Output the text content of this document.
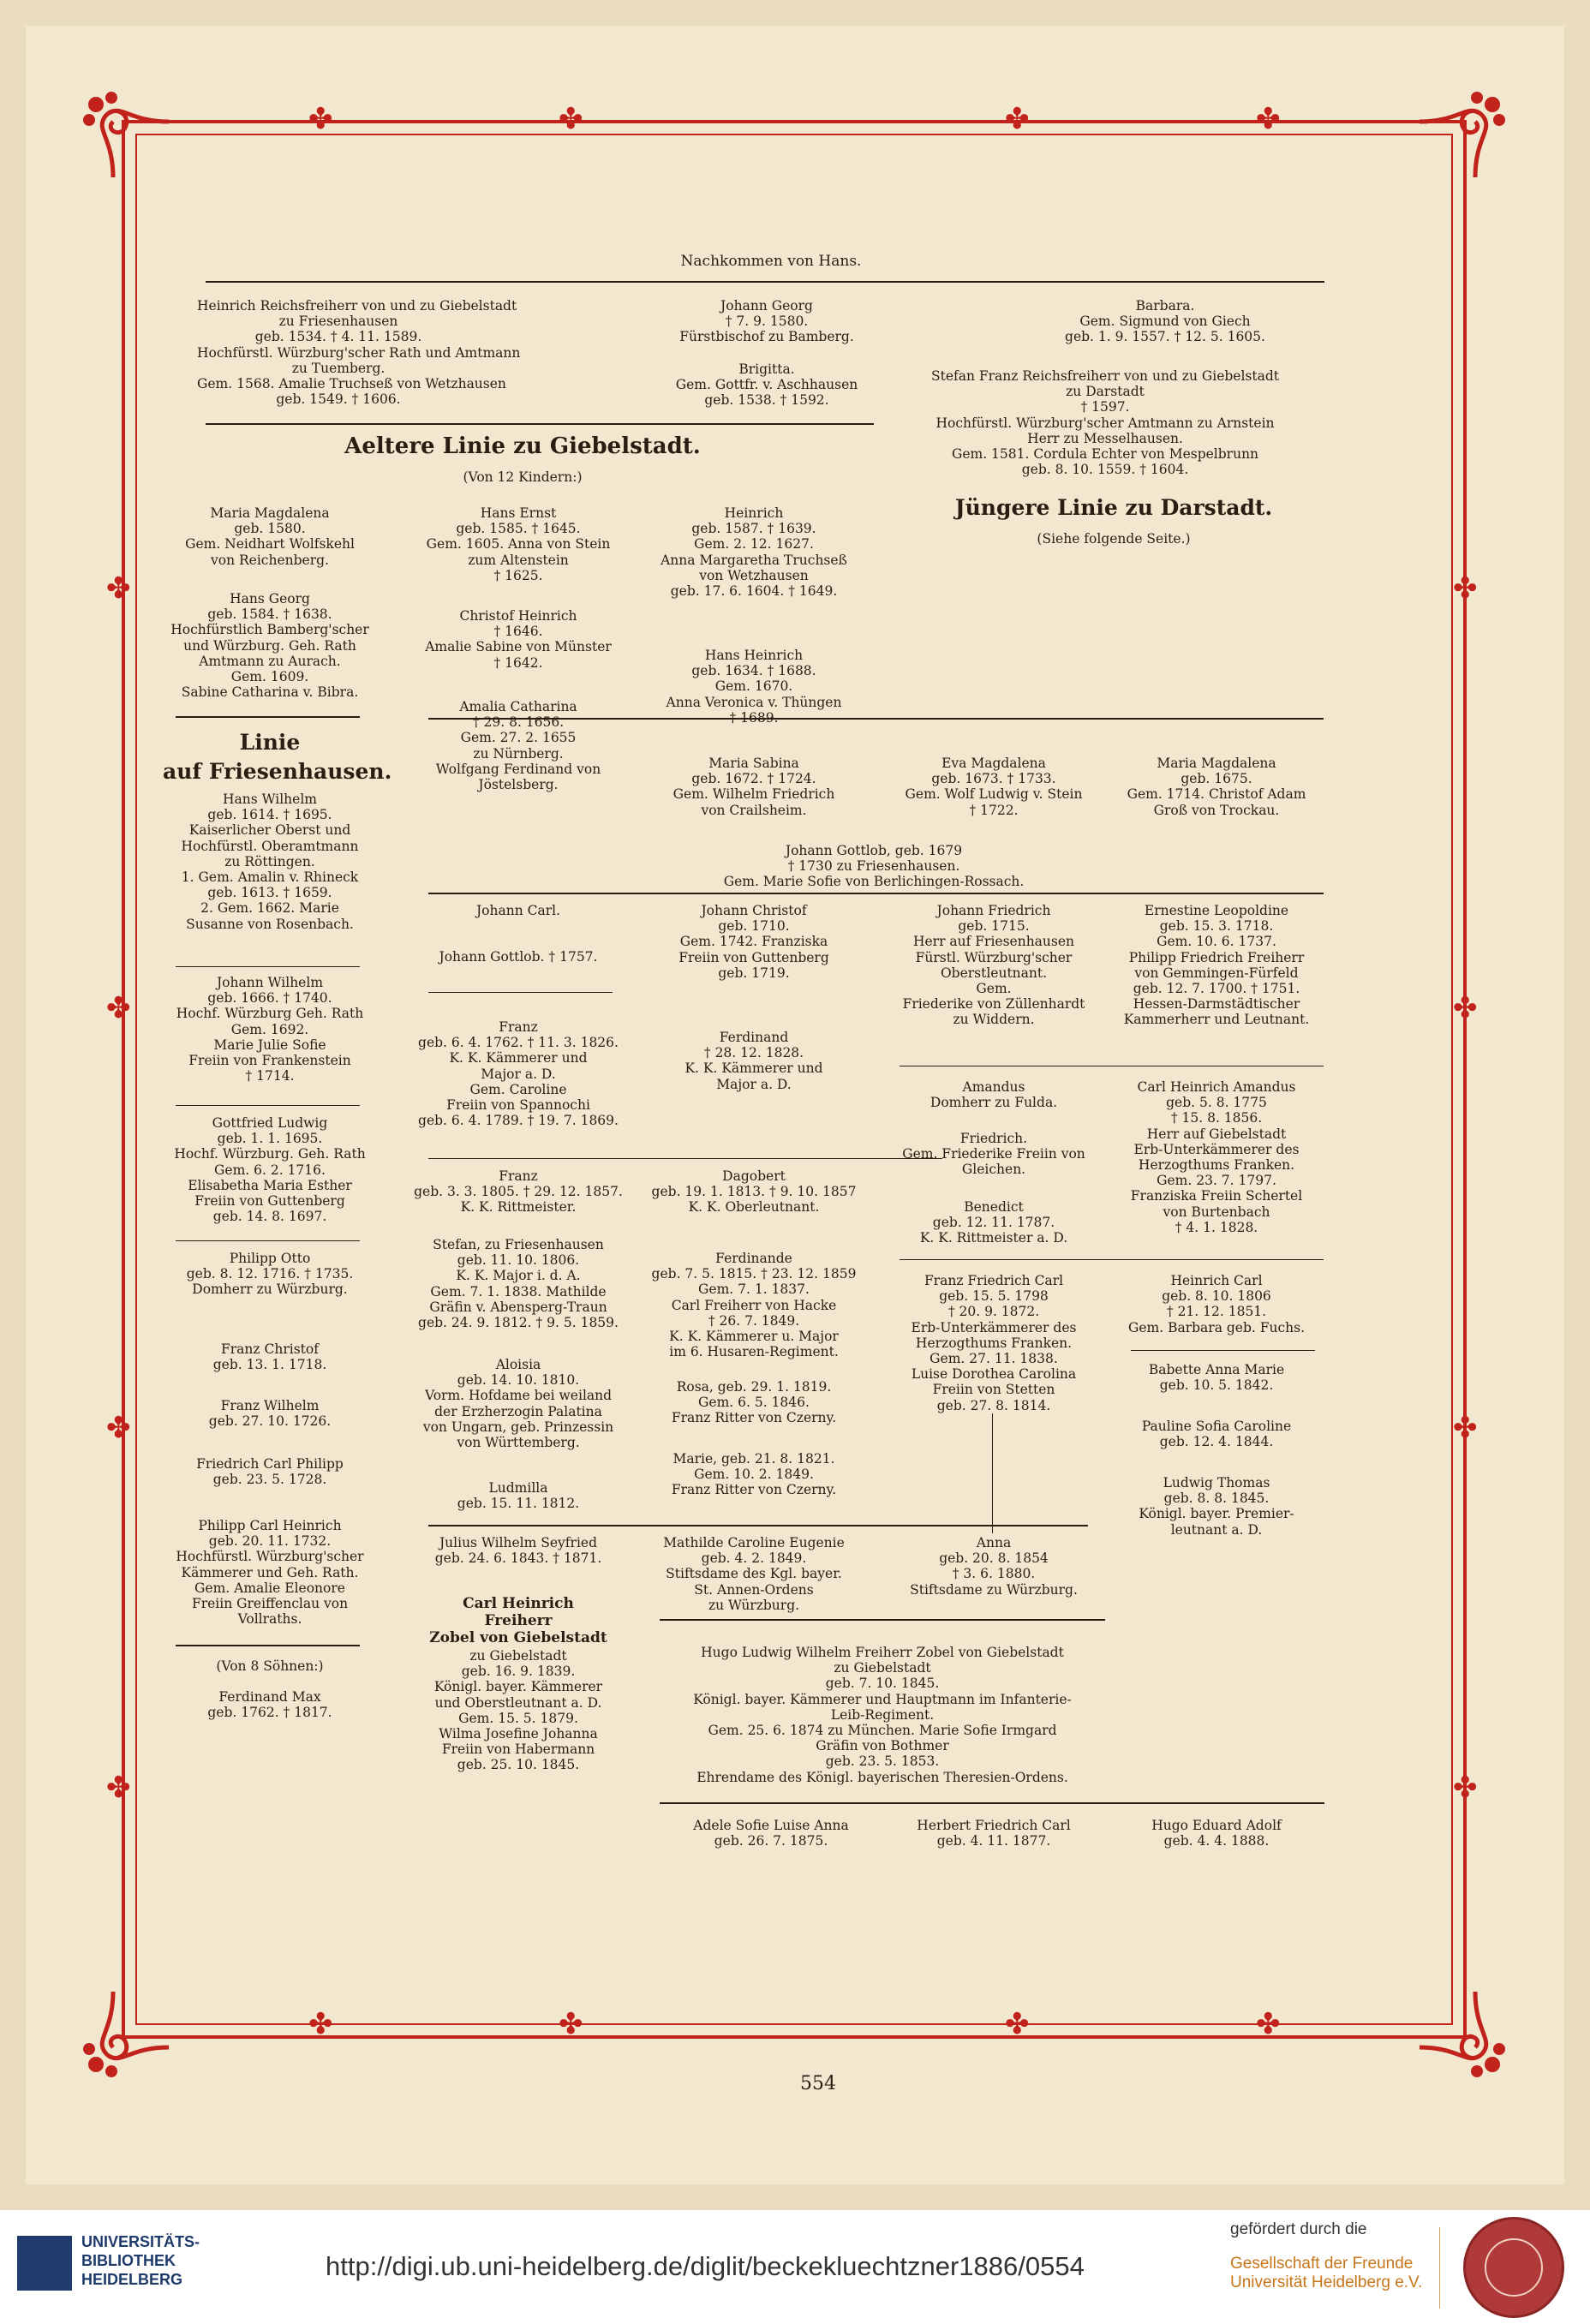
✤	✤	✤	✤
✤	✤	✤	✤
✤
✤
✤
✤
✤
✤
✤
✤
Nachkommen von Hans.
Heinrich Reichsfreiherr von und zu Giebelstadt
zu Friesenhausen
geb. 1534. † 4. 11. 1589.
Hochfürstl. Würzburg'scher Rath und Amtmann
zu Tuemberg.
Gem. 1568. Amalie Truchseß von Wetzhausen
geb. 1549. † 1606.
Johann Georg
† 7. 9. 1580.
Fürstbischof zu Bamberg.
Brigitta.
Gem. Gottfr. v. Aschhausen
geb. 1538. † 1592.
Barbara.
Gem. Sigmund von Giech
geb. 1. 9. 1557. † 12. 5. 1605.
Stefan Franz Reichsfreiherr von und zu Giebelstadt
zu Darstadt
† 1597.
Hochfürstl. Würzburg'scher Amtmann zu Arnstein
Herr zu Messelhausen.
Gem. 1581. Cordula Echter von Mespelbrunn
geb. 8. 10. 1559. † 1604.
Aeltere Linie zu Giebelstadt.
(Von 12 Kindern:)
Jüngere Linie zu Darstadt.
(Siehe folgende Seite.)
Maria Magdalena
geb. 1580.
Gem. Neidhart Wolfskehl
von Reichenberg.
Hans Georg
geb. 1584. † 1638.
Hochfürstlich Bamberg'scher
und Würzburg. Geh. Rath
Amtmann zu Aurach.
Gem. 1609.
Sabine Catharina v. Bibra.
Linie
auf Friesenhausen.
Hans Wilhelm
geb. 1614. † 1695.
Kaiserlicher Oberst und
Hochfürstl. Oberamtmann
zu Röttingen.
1. Gem. Amalin v. Rhineck
geb. 1613. † 1659.
2. Gem. 1662. Marie
Susanne von Rosenbach.
Johann Wilhelm
geb. 1666. † 1740.
Hochf. Würzburg Geh. Rath
Gem. 1692.
Marie Julie Sofie
Freiin von Frankenstein
† 1714.
Gottfried Ludwig
geb. 1. 1. 1695.
Hochf. Würzburg. Geh. Rath
Gem. 6. 2. 1716.
Elisabetha Maria Esther
Freiin von Guttenberg
geb. 14. 8. 1697.
Philipp Otto
geb. 8. 12. 1716. † 1735.
Domherr zu Würzburg.
Franz Christof
geb. 13. 1. 1718.
Franz Wilhelm
geb. 27. 10. 1726.
Friedrich Carl Philipp
geb. 23. 5. 1728.
Philipp Carl Heinrich
geb. 20. 11. 1732.
Hochfürstl. Würzburg'scher
Kämmerer und Geh. Rath.
Gem. Amalie Eleonore
Freiin Greiffenclau von
Vollraths.
(Von 8 Söhnen:)
Ferdinand Max
geb. 1762. † 1817.
Hans Ernst
geb. 1585. † 1645.
Gem. 1605. Anna von Stein
zum Altenstein
† 1625.
Christof Heinrich
† 1646.
Amalie Sabine von Münster
† 1642.
Amalia Catharina
† 29. 8. 1656.
Gem. 27. 2. 1655
zu Nürnberg.
Wolfgang Ferdinand von
Jöstelsberg.
Johann Carl.
Johann Gottlob. † 1757.
Franz
geb. 6. 4. 1762. † 11. 3. 1826.
K. K. Kämmerer und
Major a. D.
Gem. Caroline
Freiin von Spannochi
geb. 6. 4. 1789. † 19. 7. 1869.
Franz
geb. 3. 3. 1805. † 29. 12. 1857.
K. K. Rittmeister.
Stefan, zu Friesenhausen
geb. 11. 10. 1806.
K. K. Major i. d. A.
Gem. 7. 1. 1838. Mathilde
Gräfin v. Abensperg-Traun
geb. 24. 9. 1812. † 9. 5. 1859.
Aloisia
geb. 14. 10. 1810.
Vorm. Hofdame bei weiland
der Erzherzogin Palatina
von Ungarn, geb. Prinzessin
von Württemberg.
Ludmilla
geb. 15. 11. 1812.
Julius Wilhelm Seyfried
geb. 24. 6. 1843. † 1871.
Carl Heinrich
Freiherr
Zobel von Giebelstadt
zu Giebelstadt
geb. 16. 9. 1839.
Königl. bayer. Kämmerer
und Oberstleutnant a. D.
Gem. 15. 5. 1879.
Wilma Josefine Johanna
Freiin von Habermann
geb. 25. 10. 1845.
Heinrich
geb. 1587. † 1639.
Gem. 2. 12. 1627.
Anna Margaretha Truchseß
von Wetzhausen
geb. 17. 6. 1604. † 1649.
Hans Heinrich
geb. 1634. † 1688.
Gem. 1670.
Anna Veronica v. Thüngen
† 1689.
Maria Sabina
geb. 1672. † 1724.
Gem. Wilhelm Friedrich
von Crailsheim.
Johann Gottlob, geb. 1679
† 1730 zu Friesenhausen.
Gem. Marie Sofie von Berlichingen-Rossach.
Johann Christof
geb. 1710.
Gem. 1742. Franziska
Freiin von Guttenberg
geb. 1719.
Ferdinand
† 28. 12. 1828.
K. K. Kämmerer und
Major a. D.
Dagobert
geb. 19. 1. 1813. † 9. 10. 1857
K. K. Oberleutnant.
Ferdinande
geb. 7. 5. 1815. † 23. 12. 1859
Gem. 7. 1. 1837.
Carl Freiherr von Hacke
† 26. 7. 1849.
K. K. Kämmerer u. Major
im 6. Husaren-Regiment.
Rosa, geb. 29. 1. 1819.
Gem. 6. 5. 1846.
Franz Ritter von Czerny.
Marie, geb. 21. 8. 1821.
Gem. 10. 2. 1849.
Franz Ritter von Czerny.
Mathilde Caroline Eugenie
geb. 4. 2. 1849.
Stiftsdame des Kgl. bayer.
St. Annen-Ordens
zu Würzburg.
Hugo Ludwig Wilhelm Freiherr Zobel von Giebelstadt
zu Giebelstadt
geb. 7. 10. 1845.
Königl. bayer. Kämmerer und Hauptmann im Infanterie-
Leib-Regiment.
Gem. 25. 6. 1874 zu München. Marie Sofie Irmgard
Gräfin von Bothmer
geb. 23. 5. 1853.
Ehrendame des Königl. bayerischen Theresien-Ordens.
Adele Sofie Luise Anna
geb. 26. 7. 1875.
Eva Magdalena
geb. 1673. † 1733.
Gem. Wolf Ludwig v. Stein
† 1722.
Johann Friedrich
geb. 1715.
Herr auf Friesenhausen
Fürstl. Würzburg'scher
Oberstleutnant.
Gem.
Friederike von Züllenhardt
zu Widdern.
Amandus
Domherr zu Fulda.
Friedrich.
Gem. Friederike Freiin von
Gleichen.
Benedict
geb. 12. 11. 1787.
K. K. Rittmeister a. D.
Franz Friedrich Carl
geb. 15. 5. 1798
† 20. 9. 1872.
Erb-Unterkämmerer des
Herzogthums Franken.
Gem. 27. 11. 1838.
Luise Dorothea Carolina
Freiin von Stetten
geb. 27. 8. 1814.
Anna
geb. 20. 8. 1854
† 3. 6. 1880.
Stiftsdame zu Würzburg.
Herbert Friedrich Carl
geb. 4. 11. 1877.
Maria Magdalena
geb. 1675.
Gem. 1714. Christof Adam
Groß von Trockau.
Ernestine Leopoldine
geb. 15. 3. 1718.
Gem. 10. 6. 1737.
Philipp Friedrich Freiherr
von Gemmingen-Fürfeld
geb. 12. 7. 1700. † 1751.
Hessen-Darmstädtischer
Kammerherr und Leutnant.
Carl Heinrich Amandus
geb. 5. 8. 1775
† 15. 8. 1856.
Herr auf Giebelstadt
Erb-Unterkämmerer des
Herzogthums Franken.
Gem. 23. 7. 1797.
Franziska Freiin Schertel
von Burtenbach
† 4. 1. 1828.
Heinrich Carl
geb. 8. 10. 1806
† 21. 12. 1851.
Gem. Barbara geb. Fuchs.
Babette Anna Marie
geb. 10. 5. 1842.
Pauline Sofia Caroline
geb. 12. 4. 1844.
Ludwig Thomas
geb. 8. 8. 1845.
Königl. bayer. Premier-
leutnant a. D.
Hugo Eduard Adolf
geb. 4. 4. 1888.
554
UNIVERSITÄTS-
BIBLIOTHEK
HEIDELBERG	http://digi.ub.uni-heidelberg.de/diglit/beckekluechtzner1886/0554
gefördert durch die
Gesellschaft der Freunde
Universität Heidelberg e.V.
